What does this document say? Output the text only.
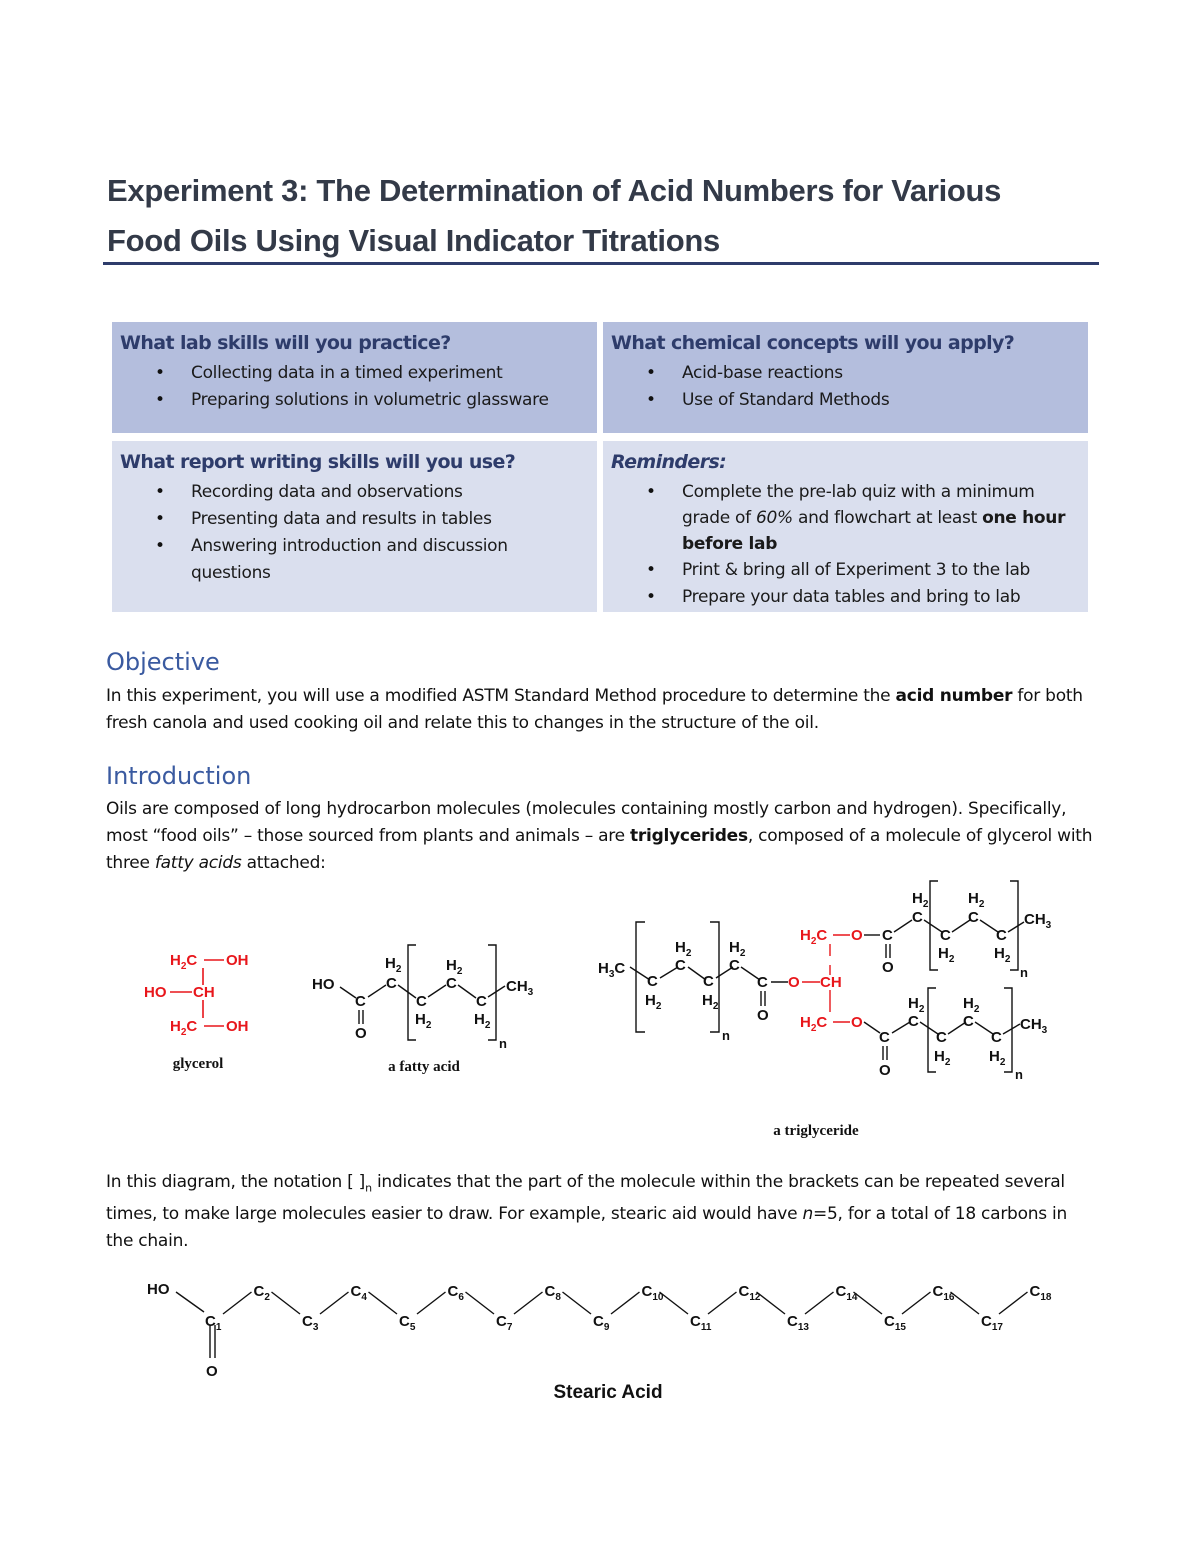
Experiment 3: The Determination of Acid Numbers for Various
Food Oils Using Visual Indicator Titrations
What lab skills will you practice?
• Collecting data in a timed experiment
• Preparing solutions in volumetric glassware
What chemical concepts will you apply?
• Acid-base reactions
• Use of Standard Methods
What report writing skills will you use?
• Recording data and observations
• Presenting data and results in tables
• Answering introduction and discussion questions
Reminders:
• Complete the pre-lab quiz with a minimum grade of 60% and flowchart at least one hour before lab
• Print & bring all of Experiment 3 to the lab
• Prepare your data tables and bring to lab
Objective

In this experiment, you will use a modified ASTM Standard Method procedure to determine the acid number for both fresh canola and used cooking oil and relate this to changes in the structure of the oil.

Introduction

Oils are composed of long hydrocarbon molecules (molecules containing mostly carbon and hydrogen). Specifically, most “food oils” – those sourced from plants and animals – are triglycerides, composed of a molecule of glycerol with three fatty acids attached:

$H_2C$ OH
HO CH
$H_2C$ OH
glycerol
HO
C
O
$H_2$
C
C
$H_2$
$H_2$
C
C
$H_2$
$CH_3$
n
a fatty acid
$H_3C$
C
$H_2$
$H_2$
C
C
$H_2$
n
$H_2$
C
C
O
O CH
$H_2C$ O
$H_2C$ O
C
O
$H_2$
C
C
$H_2$
$H_2$
C
C
$H_2$
n
$CH_3$
C
O
$H_2$
C
C
$H_2$
$H_2$
C
C
$H_2$
n
$CH_3$
a triglyceride
HO
O
$C_1$
$C_2$
$C_3$
$C_4$
$C_5$
$C_6$
$C_7$
$C_8$
$C_9$
$C_{10}$
$C_{11}$
$C_{12}$
$C_{13}$
$C_{14}$
$C_{15}$
$C_{16}$
$C_{17}$
$C_{18}$
Stearic Acid

In this diagram, the notation [ ]$_n$ indicates that the part of the molecule within the brackets can be repeated several times, to make large molecules easier to draw. For example, stearic aid would have n=5, for a total of 18 carbons in the chain.
